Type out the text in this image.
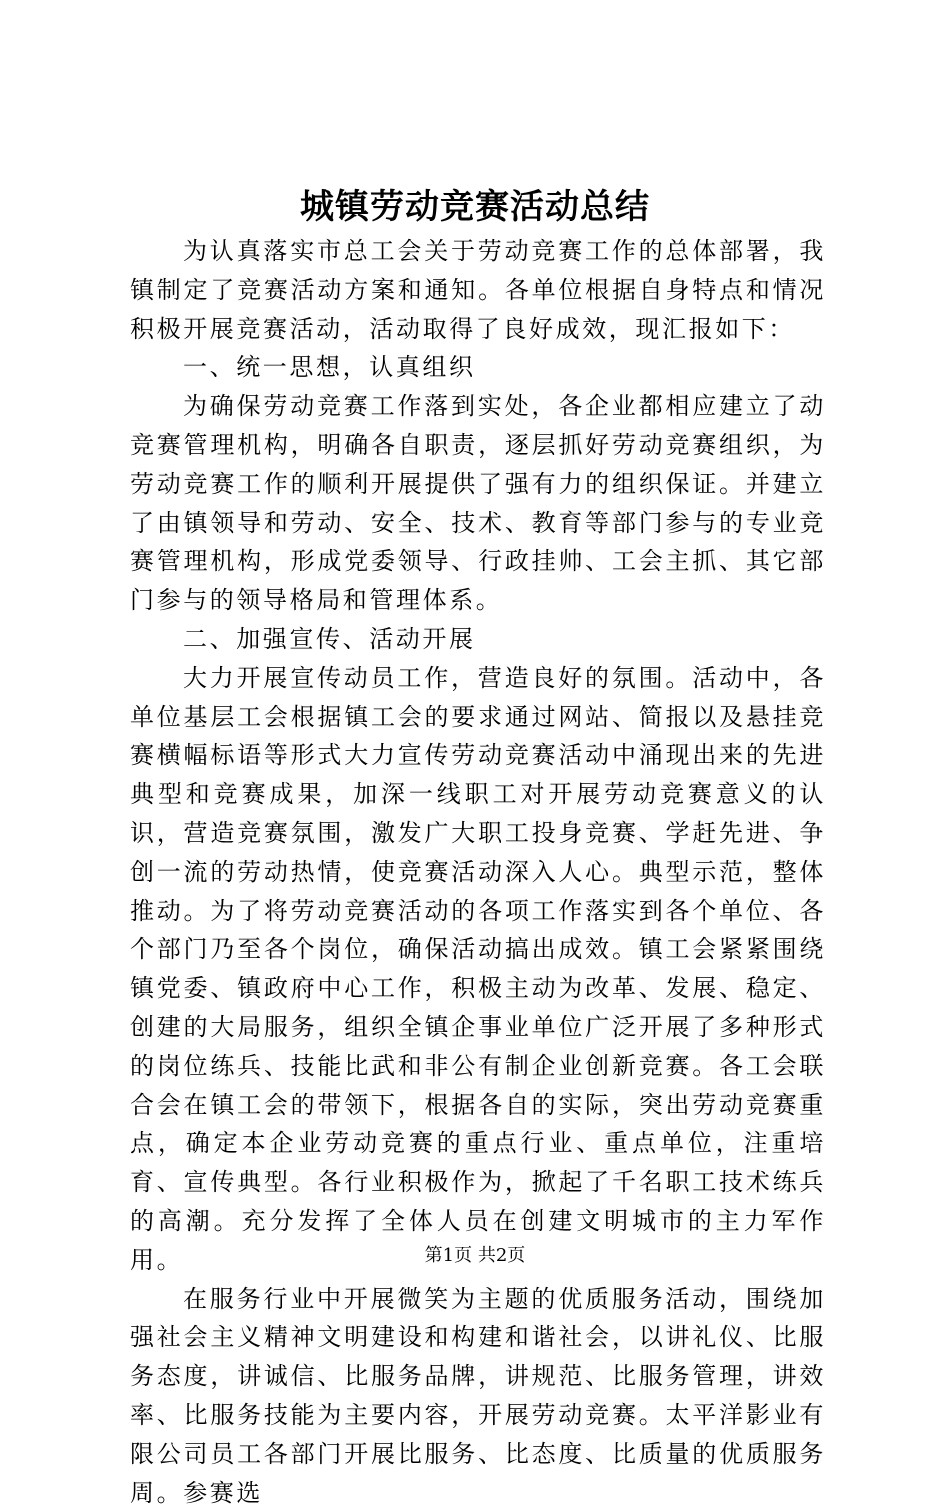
城镇劳动竞赛活动总结

为认真落实市总工会关于劳动竞赛工作的总体部署，我镇制定了竞赛活动方案和通知。各单位根据自身特点和情况积极开展竞赛活动，活动取得了良好成效，现汇报如下：

一、统一思想，认真组织

为确保劳动竞赛工作落到实处，各企业都相应建立了动竞赛管理机构，明确各自职责，逐层抓好劳动竞赛组织，为劳动竞赛工作的顺利开展提供了强有力的组织保证。并建立了由镇领导和劳动、安全、技术、教育等部门参与的专业竞赛管理机构，形成党委领导、行政挂帅、工会主抓、其它部门参与的领导格局和管理体系。

二、加强宣传、活动开展

大力开展宣传动员工作，营造良好的氛围。活动中，各单位基层工会根据镇工会的要求通过网站、简报以及悬挂竞赛横幅标语等形式大力宣传劳动竞赛活动中涌现出来的先进典型和竞赛成果，加深一线职工对开展劳动竞赛意义的认识，营造竞赛氛围，激发广大职工投身竞赛、学赶先进、争创一流的劳动热情，使竞赛活动深入人心。典型示范，整体推动。为了将劳动竞赛活动的各项工作落实到各个单位、各个部门乃至各个岗位，确保活动搞出成效。镇工会紧紧围绕镇党委、镇政府中心工作，积极主动为改革、发展、稳定、创建的大局服务，组织全镇企事业单位广泛开展了多种形式的岗位练兵、技能比武和非公有制企业创新竞赛。各工会联合会在镇工会的带领下，根据各自的实际，突出劳动竞赛重点，确定本企业劳动竞赛的重点行业、重点单位，注重培育、宣传典型。各行业积极作为，掀起了千名职工技术练兵的高潮。充分发挥了全体人员在创建文明城市的主力军作用。

在服务行业中开展微笑为主题的优质服务活动，围绕加强社会主义精神文明建设和构建和谐社会，以讲礼仪、比服务态度，讲诚信、比服务品牌，讲规范、比服务管理，讲效率、比服务技能为主要内容，开展劳动竞赛。太平洋影业有限公司员工各部门开展比服务、比态度、比质量的优质服务周。参赛选

第1页 共2页
